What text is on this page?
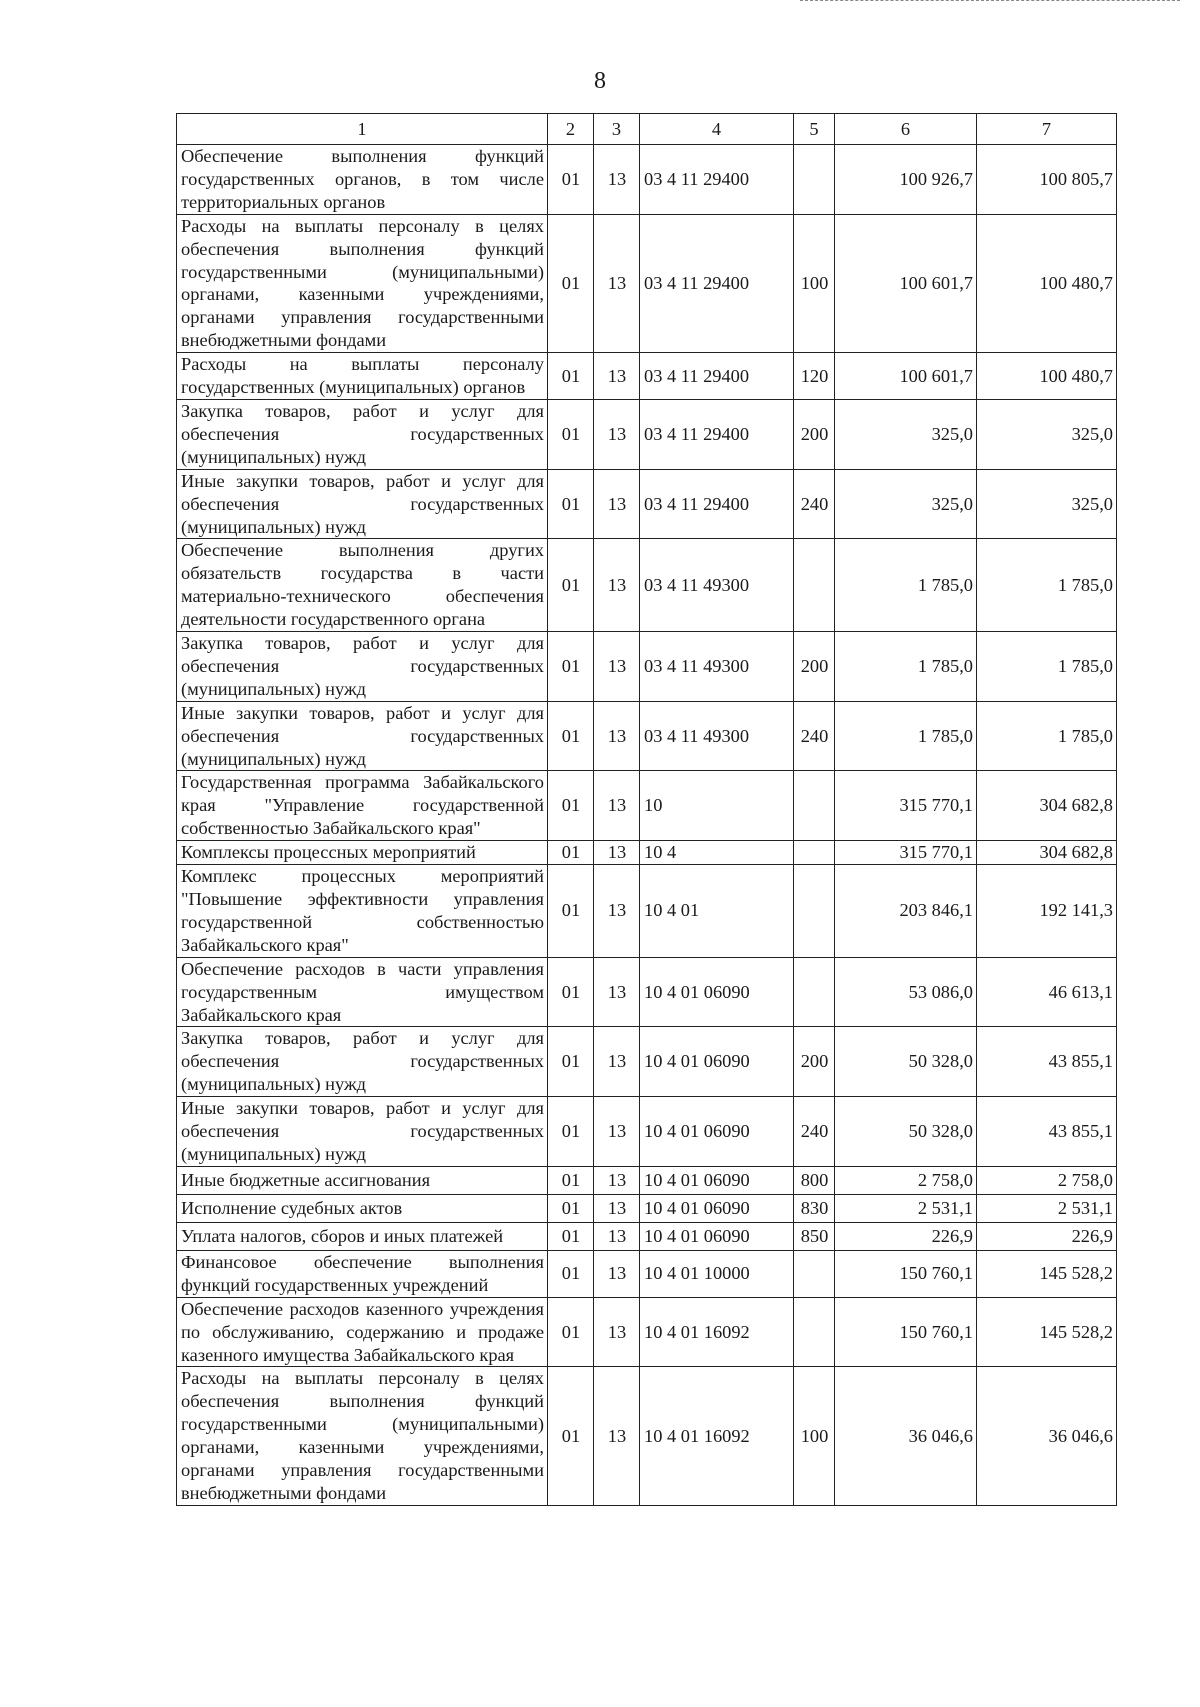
8
1	2	3	4	5	6	7
Обеспечение выполнения функций государственных органов, в том числе территориальных органов	01	13	03 4 11 29400		100 926,7	100 805,7
Расходы на выплаты персоналу в целях обеспечения выполнения функций государственными (муниципальными) органами, казенными учреждениями, органами управления государственными внебюджетными фондами	01	13	03 4 11 29400	100	100 601,7	100 480,7
Расходы на выплаты персоналу государственных (муниципальных) органов	01	13	03 4 11 29400	120	100 601,7	100 480,7
Закупка товаров, работ и услуг для обеспечения государственных (муниципальных) нужд	01	13	03 4 11 29400	200	325,0	325,0
Иные закупки товаров, работ и услуг для обеспечения государственных (муниципальных) нужд	01	13	03 4 11 29400	240	325,0	325,0
Обеспечение выполнения других обязательств государства в части материально-технического обеспечения деятельности государственного органа	01	13	03 4 11 49300		1 785,0	1 785,0
Закупка товаров, работ и услуг для обеспечения государственных (муниципальных) нужд	01	13	03 4 11 49300	200	1 785,0	1 785,0
Иные закупки товаров, работ и услуг для обеспечения государственных (муниципальных) нужд	01	13	03 4 11 49300	240	1 785,0	1 785,0
Государственная программа Забайкальского края "Управление государственной собственностью Забайкальского края"	01	13	10		315 770,1	304 682,8
Комплексы процессных мероприятий	01	13	10 4		315 770,1	304 682,8
Комплекс процессных мероприятий "Повышение эффективности управления государственной собственностью Забайкальского края"	01	13	10 4 01		203 846,1	192 141,3
Обеспечение расходов в части управления государственным имуществом Забайкальского края	01	13	10 4 01 06090		53 086,0	46 613,1
Закупка товаров, работ и услуг для обеспечения государственных (муниципальных) нужд	01	13	10 4 01 06090	200	50 328,0	43 855,1
Иные закупки товаров, работ и услуг для обеспечения государственных (муниципальных) нужд	01	13	10 4 01 06090	240	50 328,0	43 855,1
Иные бюджетные ассигнования	01	13	10 4 01 06090	800	2 758,0	2 758,0
Исполнение судебных актов	01	13	10 4 01 06090	830	2 531,1	2 531,1
Уплата налогов, сборов и иных платежей	01	13	10 4 01 06090	850	226,9	226,9
Финансовое обеспечение выполнения функций государственных учреждений	01	13	10 4 01 10000		150 760,1	145 528,2
Обеспечение расходов казенного учреждения по обслуживанию, содержанию и продаже казенного имущества Забайкальского края	01	13	10 4 01 16092		150 760,1	145 528,2
Расходы на выплаты персоналу в целях обеспечения выполнения функций государственными (муниципальными) органами, казенными учреждениями, органами управления государственными внебюджетными фондами	01	13	10 4 01 16092	100	36 046,6	36 046,6
